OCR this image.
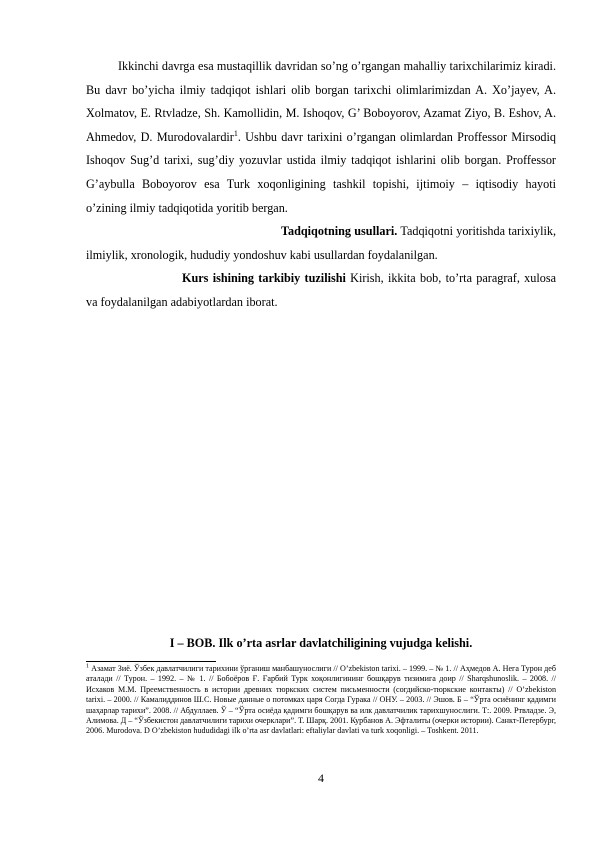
Ikkinchi davrga esa mustaqillik davridan so’ng o’rgangan mahalliy tarixchilarimiz kiradi. Bu davr bo’yicha ilmiy tadqiqot ishlari olib borgan tarixchi olimlarimizdan A. Xo’jayev, A. Xolmatov, E. Rtvladze, Sh. Kamollidin, M. Ishoqov, G’ Boboyorov, Azamat Ziyo, B. Eshov, A. Ahmedov, D. Murodovalardir$^1$. Ushbu davr tarixini o’rgangan olimlardan Proffessor Mirsodiq Ishoqov Sug’d tarixi, sug’diy yozuvlar ustida ilmiy tadqiqot ishlarini olib borgan. Proffessor G’aybulla Boboyorov esa Turk xoqonligining tashkil topishi, ijtimoiy – iqtisodiy hayoti o’zining ilmiy tadqiqotida yoritib bergan.

Tadqiqotning usullari. Tadqiqotni yoritishda tarixiylik, ilmiylik, xronologik, hududiy yondoshuv kabi usullardan foydalanilgan.

Kurs ishining tarkibiy tuzilishi Kirish, ikkita bob, to’rta paragraf, xulosa va foydalanilgan adabiyotlardan iborat.

I – BOB. Ilk o’rta asrlar davlatchiligining vujudga kelishi.
$^1$ Азамат Зиё. Ўзбек давлатчилиги тарихини ўрганиш манбашунослиги // O’zbekiston tarixi. – 1999. – № 1. // Аҳмедов А. Нега Турон деб аталади // Турон. – 1992. – № 1. // Бобоёров Ғ. Ғарбий Турк хоқонлигининг бошқарув тизимига доир // Sharqshunoslik. – 2008. // Исхаков М.М. Преемственность в истории древних тюркских систем письменности (согдийско-тюркские контакты) // O’zbekiston tarixi. – 2000. // Камалиддинов Ш.С. Новые данные о потомках царя Согда Гурака // ОНУ. – 2003. // Эшов. Б – “Ўрта осиёнинг қадимги шаҳарлар тарихи”. 2008. // Абдуллаев. Ў – “Ўрта осиёда қадимги бошқарув ва илк давлатчилик тарихшунослиги. Т:. 2009. Ртвладзе. Э, Алимова. Д – “Ўзбекистон давлатчилиги тарихи очерклари”. Т. Шарқ. 2001. Курбанов А. Эфталиты (очерки истории). Санкт-Петербург, 2006. Murodova. D O’zbekiston hududidagi ilk o’rta asr davlatlari: eftaliylar davlati va turk xoqonligi. – Toshkent. 2011.
4
